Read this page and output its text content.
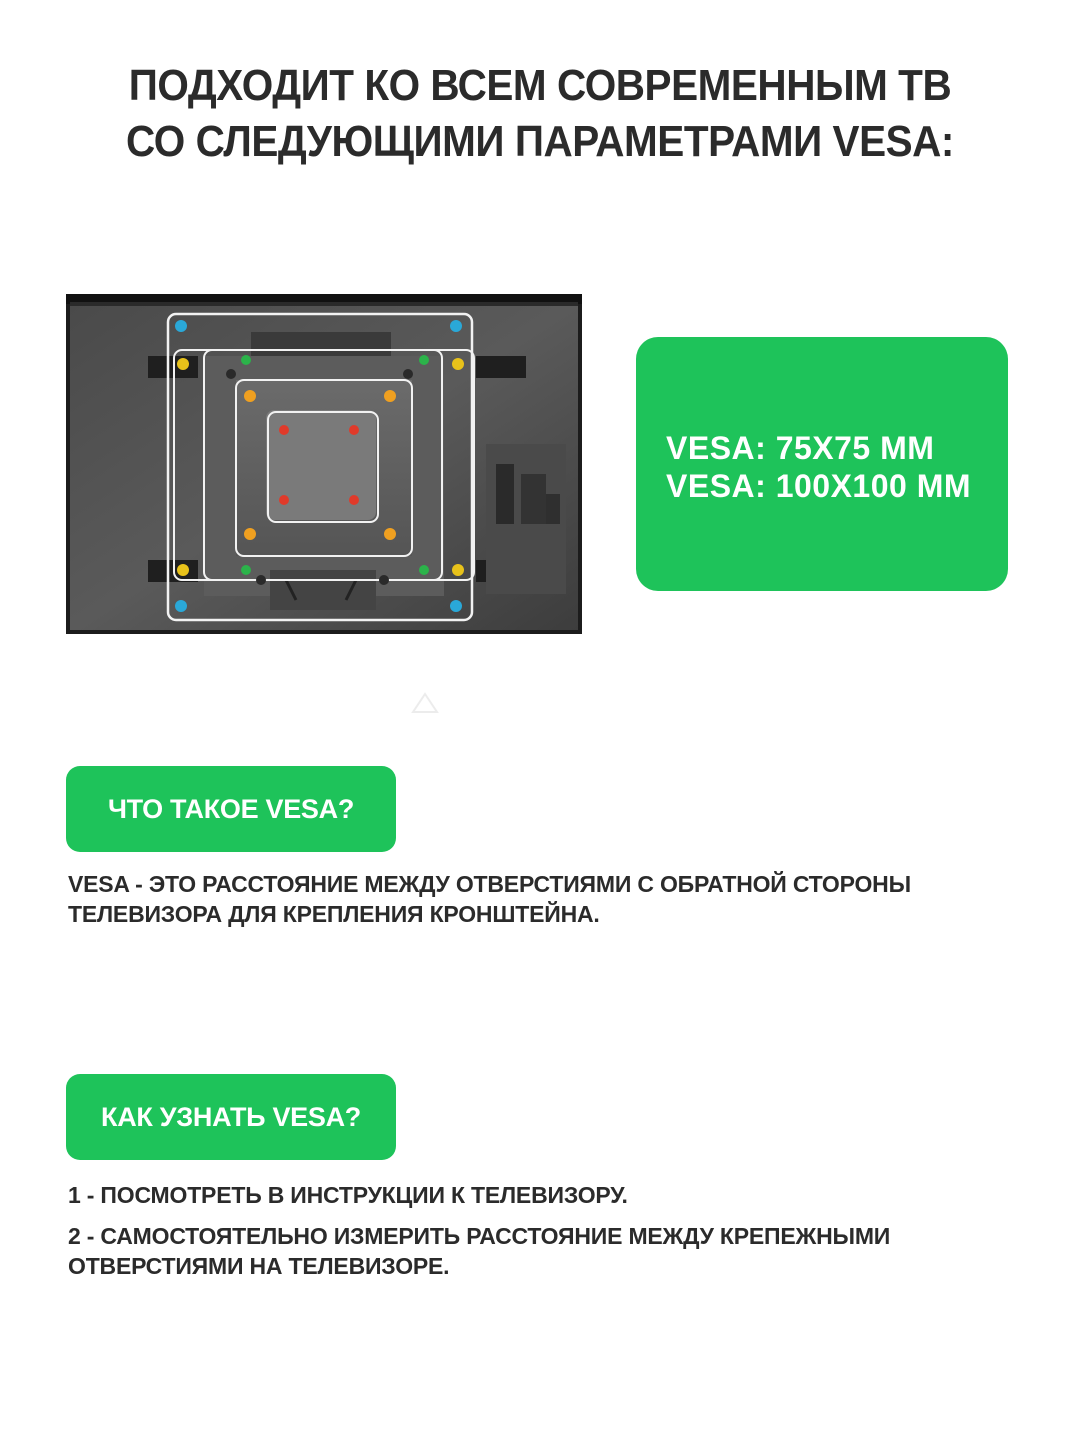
ПОДХОДИТ КО ВСЕМ СОВРЕМЕННЫМ ТВ
СО СЛЕДУЮЩИМИ ПАРАМЕТРАМИ VESA:
VESA: 75X75 MM
VESA: 100X100 MM
ЧТО ТАКОЕ VESA?
VESA - ЭТО РАССТОЯНИЕ МЕЖДУ ОТВЕРСТИЯМИ С ОБРАТНОЙ СТОРОНЫ
ТЕЛЕВИЗОРА ДЛЯ КРЕПЛЕНИЯ КРОНШТЕЙНА.
КАК УЗНАТЬ VESA?
1 - ПОСМОТРЕТЬ В ИНСТРУКЦИИ К ТЕЛЕВИЗОРУ.
2 - САМОСТОЯТЕЛЬНО ИЗМЕРИТЬ РАССТОЯНИЕ МЕЖДУ КРЕПЕЖНЫМИ
ОТВЕРСТИЯМИ НА ТЕЛЕВИЗОРЕ.
